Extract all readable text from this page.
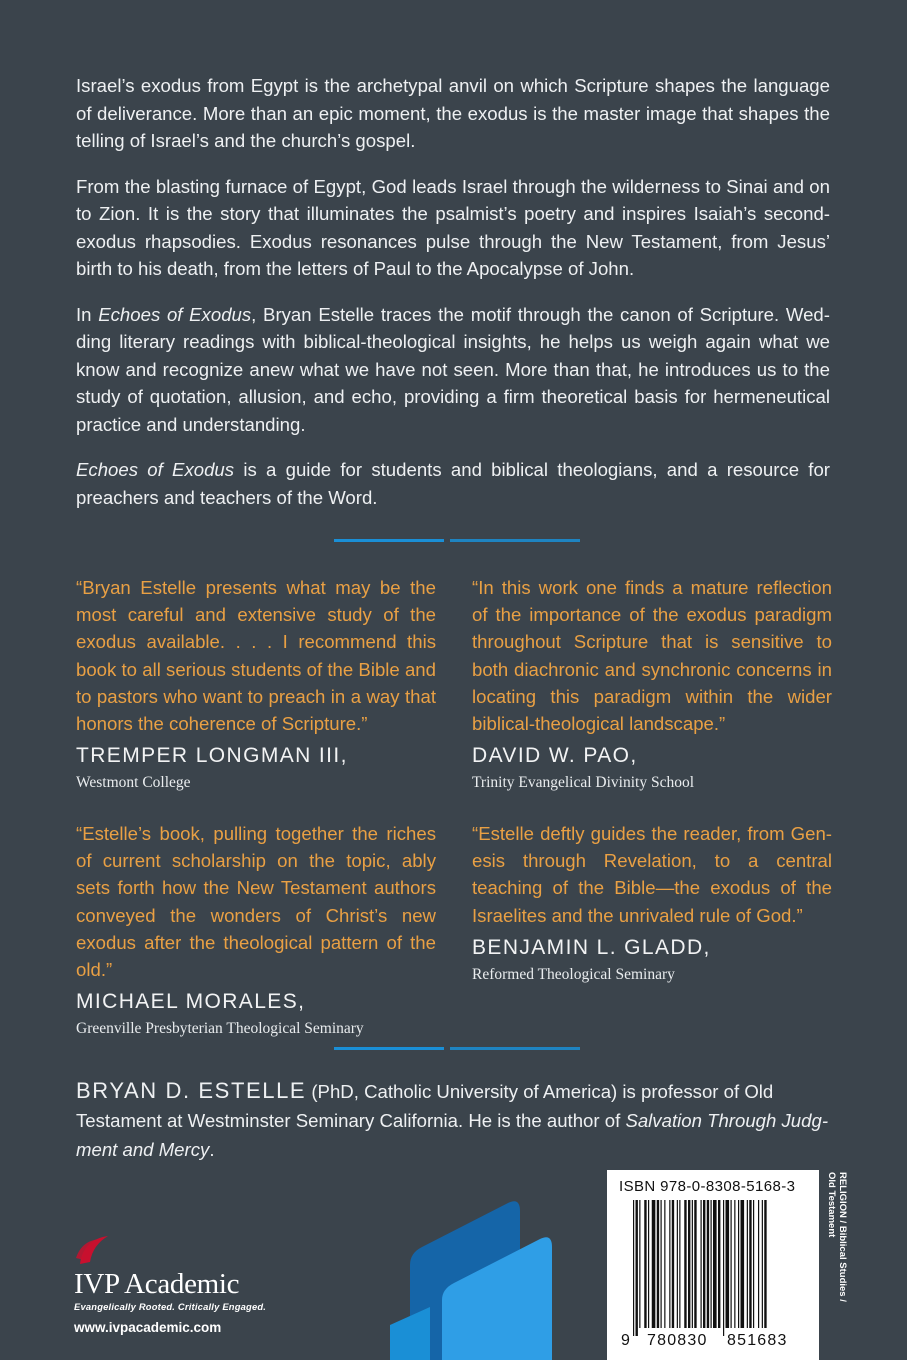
Israel’s exodus from Egypt is the archetypal anvil on which Scripture shapes the language of deliverance. More than an epic moment, the exodus is the master image that shapes the telling of Israel’s and the church’s gospel.

From the blasting furnace of Egypt, God leads Israel through the wilderness to Sinai and on to Zion. It is the story that illuminates the psalmist’s poetry and inspires Isaiah’s second-exodus rhapsodies. Exodus resonances pulse through the New Testament, from Jesus’ birth to his death, from the letters of Paul to the Apocalypse of John.

In Echoes of Exodus, Bryan Estelle traces the motif through the canon of Scripture. Wedding literary readings with biblical-theological insights, he helps us weigh again what we know and recognize anew what we have not seen. More than that, he introduces us to the study of quotation, allusion, and echo, providing a firm theoretical basis for hermeneutical practice and understanding.

Echoes of Exodus is a guide for students and biblical theologians, and a resource for preachers and teachers of the Word.

“Bryan Estelle presents what may be the most careful and extensive study of the exodus available. . . . I recommend this book to all serious students of the Bible and to pastors who want to preach in a way that honors the coherence of Scripture.”

TREMPER LONGMAN III,
Westmont College

“In this work one finds a mature reflection of the importance of the exodus paradigm throughout Scripture that is sensitive to both diachronic and synchronic concerns in locating this paradigm within the wider biblical-theological landscape.”

DAVID W. PAO,
Trinity Evangelical Divinity School

“Estelle’s book, pulling together the riches of current scholarship on the topic, ably sets forth how the New Testament authors conveyed the wonders of Christ’s new exodus after the theological pattern of the old.”

MICHAEL MORALES,
Greenville Presbyterian Theological Seminary

“Estelle deftly guides the reader, from Genesis through Revelation, to a central teaching of the Bible—the exodus of the Israelites and the unrivaled rule of God.”

BENJAMIN L. GLADD,
Reformed Theological Seminary
BRYAN D. ESTELLE (PhD, Catholic University of America) is professor of Old Testament at Westminster Seminary California. He is the author of Salvation Through Judgment and Mercy.
IVP Academic
Evangelically Rooted. Critically Engaged.
www.ivpacademic.com
ISBN 978-0-8308-5168-3
9 780830 851683
RELIGION / Biblical Studies /
Old Testament
